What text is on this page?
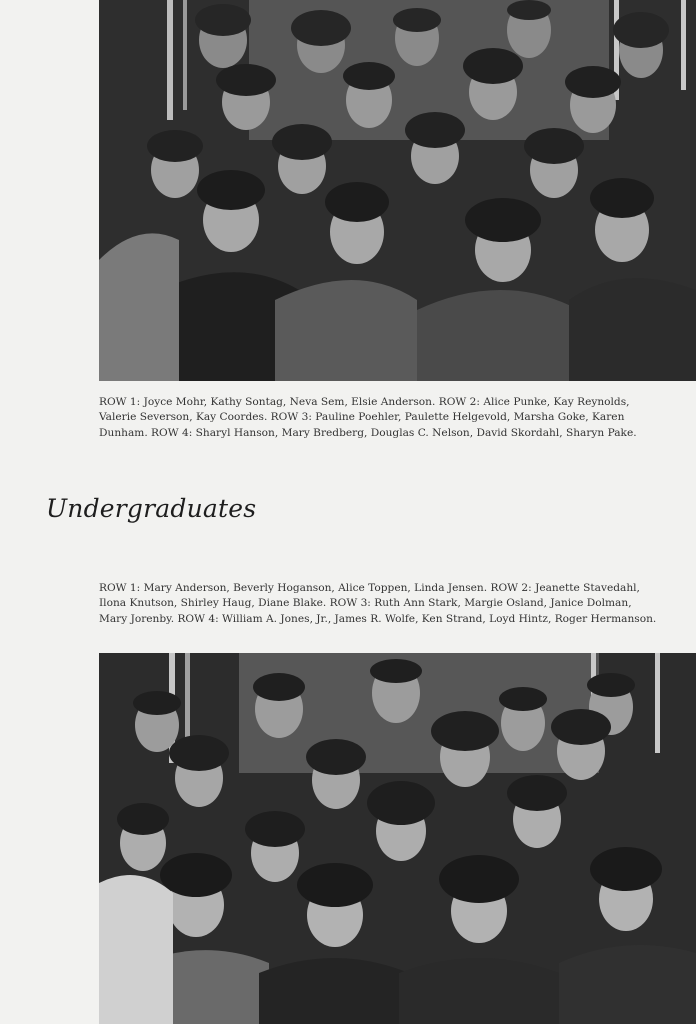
ROW 1: Joyce Mohr, Kathy Sontag, Neva Sem, Elsie Anderson. ROW 2: Alice Punke, Kay Reynolds, Valerie Severson, Kay Coordes. ROW 3: Pauline Poehler, Paulette Helgevold, Marsha Goke, Karen Dunham. ROW 4: Sharyl Hanson, Mary Bredberg, Douglas C. Nelson, David Skordahl, Sharyn Pake.

Undergraduates

ROW 1: Mary Anderson, Beverly Hoganson, Alice Toppen, Linda Jensen. ROW 2: Jeanette Stavedahl, Ilona Knutson, Shirley Haug, Diane Blake. ROW 3: Ruth Ann Stark, Margie Osland, Janice Dolman, Mary Jorenby. ROW 4: William A. Jones, Jr., James R. Wolfe, Ken Strand, Loyd Hintz, Roger Hermanson.
